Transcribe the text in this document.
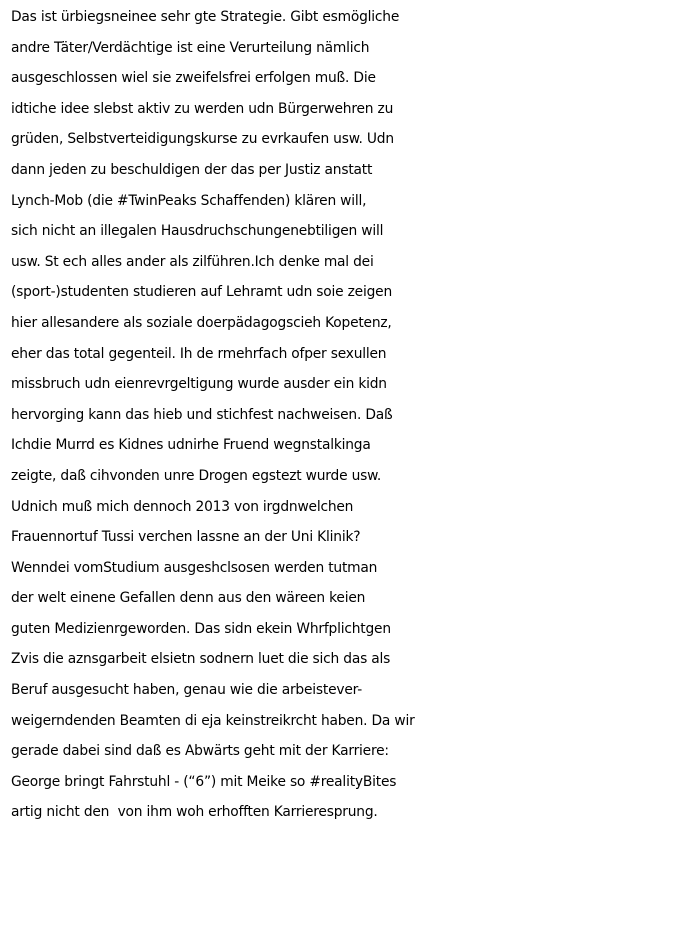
Das ist ürbiegsneinee sehr gte Strategie. Gibt esmögliche
andre Täter/Verdächtige ist eine Verurteilung nämlich
ausgeschlossen wiel sie zweifelsfrei erfolgen muß. Die
idtiche idee slebst aktiv zu werden udn Bürgerwehren zu
grüden, Selbstverteidigungskurse zu evrkaufen usw. Udn
dann jeden zu beschuldigen der das per Justiz anstatt
Lynch-Mob (die #TwinPeaks Schaffenden) klären will,
sich nicht an illegalen Hausdruchschungenebtiligen will
usw. St ech alles ander als zilführen.Ich denke mal dei
(sport-)studenten studieren auf Lehramt udn soie zeigen
hier allesandere als soziale doerpädagogscieh Kopetenz,
eher das total gegenteil. Ih de rmehrfach ofper sexullen
missbruch udn eienrevrgeltigung wurde ausder ein kidn
hervorging kann das hieb und stichfest nachweisen. Daß
Ichdie Murrd es Kidnes udnirhe Fruend wegnstalkinga
zeigte, daß cihvonden unre Drogen egstezt wurde usw.
Udnich muß mich dennoch 2013 von irgdnwelchen
Frauennortuf Tussi verchen lassne an der Uni Klinik?
Wenndei vomStudium ausgeshclsosen werden tutman
der welt einene Gefallen denn aus den wäreen keien
guten Medizienrgeworden. Das sidn ekein Whrfplichtgen
Zvis die aznsgarbeit elsietn sodnern luet die sich das als
Beruf ausgesucht haben, genau wie die arbeistever-
weigerndenden Beamten di eja keinstreikrcht haben. Da wir
gerade dabei sind daß es Abwärts geht mit der Karriere:
George bringt Fahrstuhl - (“6”) mit Meike so #realityBites
artig nicht den  von ihm woh erhofften Karrieresprung.
